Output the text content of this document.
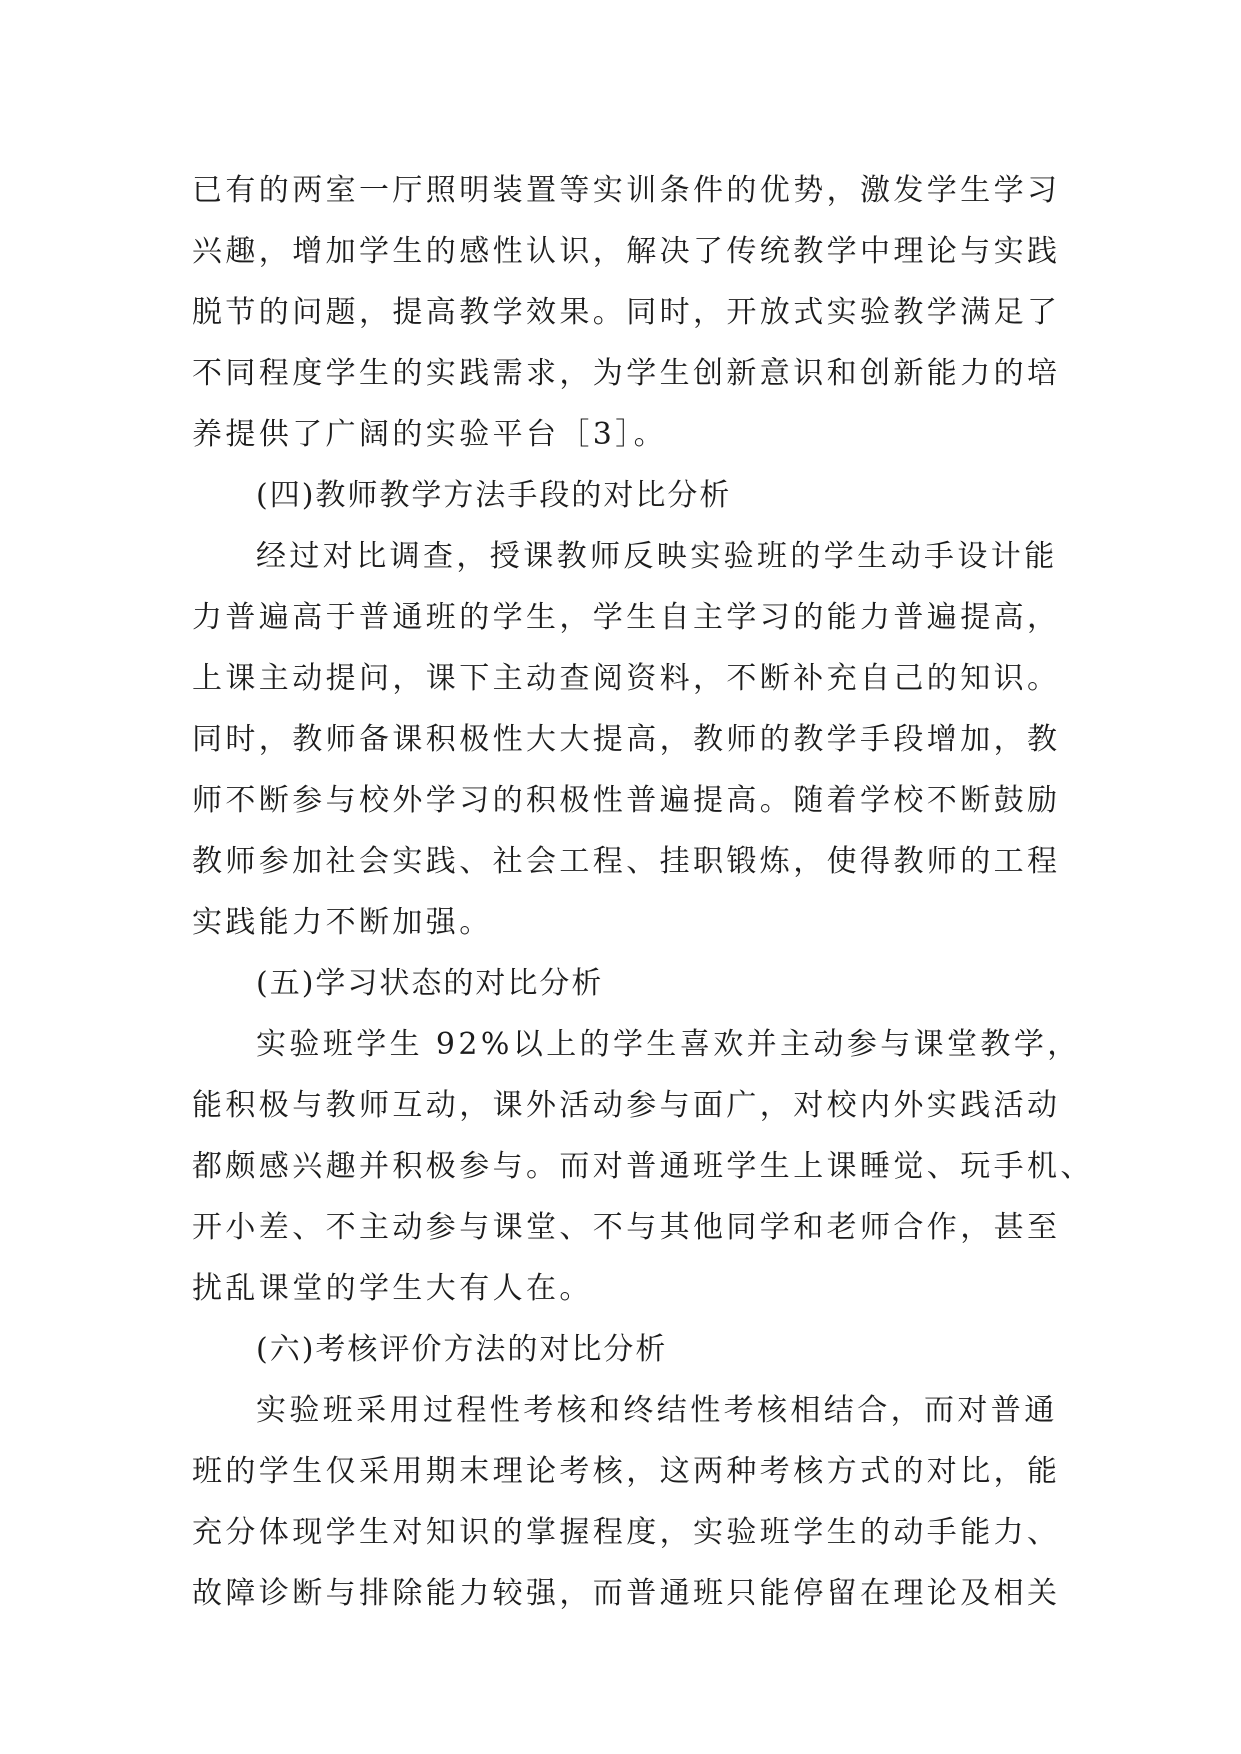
已有的两室一厅照明装置等实训条件的优势，激发学生学习
兴趣，增加学生的感性认识，解决了传统教学中理论与实践
脱节的问题，提高教学效果。同时，开放式实验教学满足了
不同程度学生的实践需求，为学生创新意识和创新能力的培
养提供了广阔的实验平台［3］。
(四)教师教学方法手段的对比分析
经过对比调查，授课教师反映实验班的学生动手设计能
力普遍高于普通班的学生，学生自主学习的能力普遍提高，
上课主动提问，课下主动查阅资料，不断补充自己的知识。
同时，教师备课积极性大大提高，教师的教学手段增加，教
师不断参与校外学习的积极性普遍提高。随着学校不断鼓励
教师参加社会实践、社会工程、挂职锻炼，使得教师的工程
实践能力不断加强。
(五)学习状态的对比分析
实验班学生 92%以上的学生喜欢并主动参与课堂教学，
能积极与教师互动，课外活动参与面广，对校内外实践活动
都颇感兴趣并积极参与。而对普通班学生上课睡觉、玩手机、
开小差、不主动参与课堂、不与其他同学和老师合作，甚至
扰乱课堂的学生大有人在。
(六)考核评价方法的对比分析
实验班采用过程性考核和终结性考核相结合，而对普通
班的学生仅采用期末理论考核，这两种考核方式的对比，能
充分体现学生对知识的掌握程度，实验班学生的动手能力、
故障诊断与排除能力较强，而普通班只能停留在理论及相关
